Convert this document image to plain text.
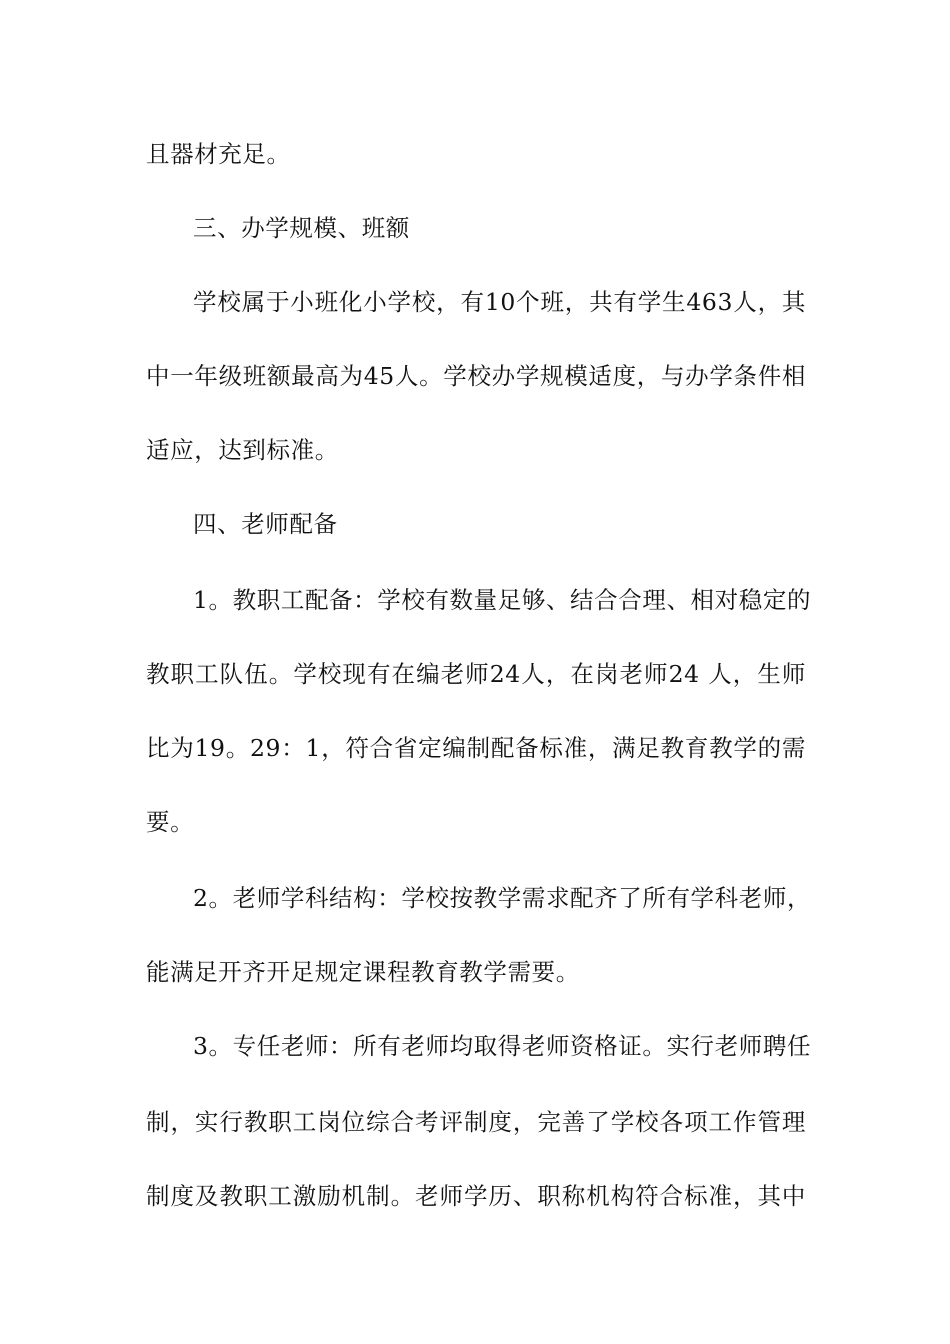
且器材充足。
三、办学规模、班额
学校属于小班化小学校，有10个班，共有学生463人，其
中一年级班额最高为45人。学校办学规模适度，与办学条件相
适应，达到标准。
四、老师配备
1。教职工配备：学校有数量足够、结合合理、相对稳定的
教职工队伍。学校现有在编老师24人，在岗老师24 人，生师
比为19。29：1，符合省定编制配备标准，满足教育教学的需
要。
2。老师学科结构：学校按教学需求配齐了所有学科老师，
能满足开齐开足规定课程教育教学需要。
3。专任老师：所有老师均取得老师资格证。实行老师聘任
制，实行教职工岗位综合考评制度，完善了学校各项工作管理
制度及教职工激励机制。老师学历、职称机构符合标准，其中
